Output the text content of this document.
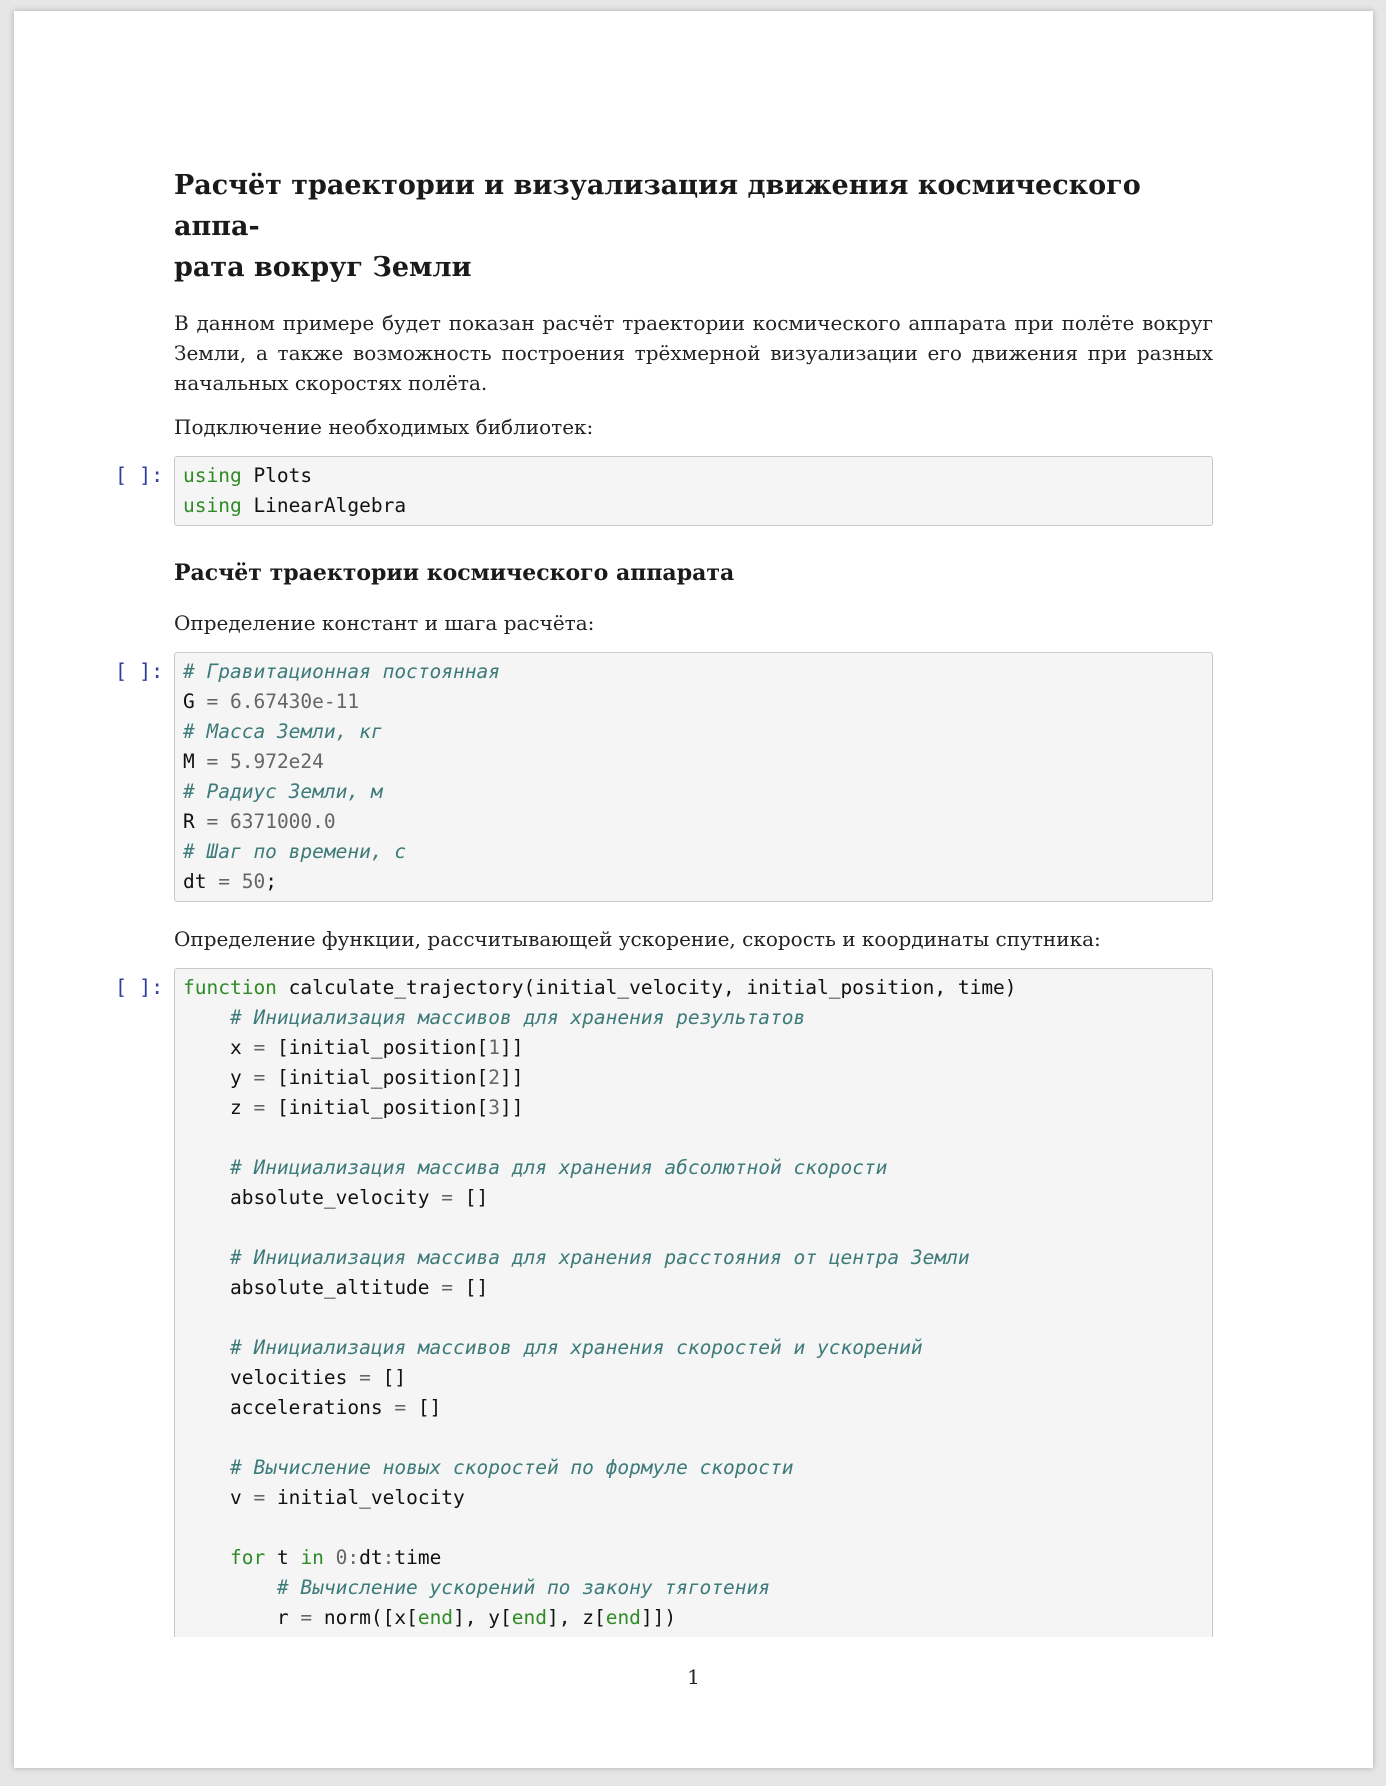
Расчёт траектории и визуализация движения космического аппа-
рата вокруг Земли

В данном примере будет показан расчёт траектории космического аппарата при полёте вокруг Земли, а также возможность построения трёхмерной визуализации его движения при разных начальных скоростях полёта.

Подключение необходимых библиотек:

[ ]: using Plots
using LinearAlgebra
Расчёт траектории космического аппарата

Определение констант и шага расчёта:

[ ]: # Гравитационная постоянная
G = 6.67430e-11
# Масса Земли, кг
M = 5.972e24
# Радиус Земли, м
R = 6371000.0
# Шаг по времени, с
dt = 50;

Определение функции, рассчитывающей ускорение, скорость и координаты спутника:

[ ]: function calculate_trajectory(initial_velocity, initial_position, time)
# Инициализация массивов для хранения результатов
x = [initial_position[1]]
y = [initial_position[2]]
z = [initial_position[3]]

# Инициализация массива для хранения абсолютной скорости
absolute_velocity = []

# Инициализация массива для хранения расстояния от центра Земли
absolute_altitude = []

# Инициализация массивов для хранения скоростей и ускорений
velocities = []
accelerations = []

# Вычисление новых скоростей по формуле скорости
v = initial_velocity

for t in 0:dt:time
# Вычисление ускорений по закону тяготения
r = norm([x[end], y[end], z[end]])
1
